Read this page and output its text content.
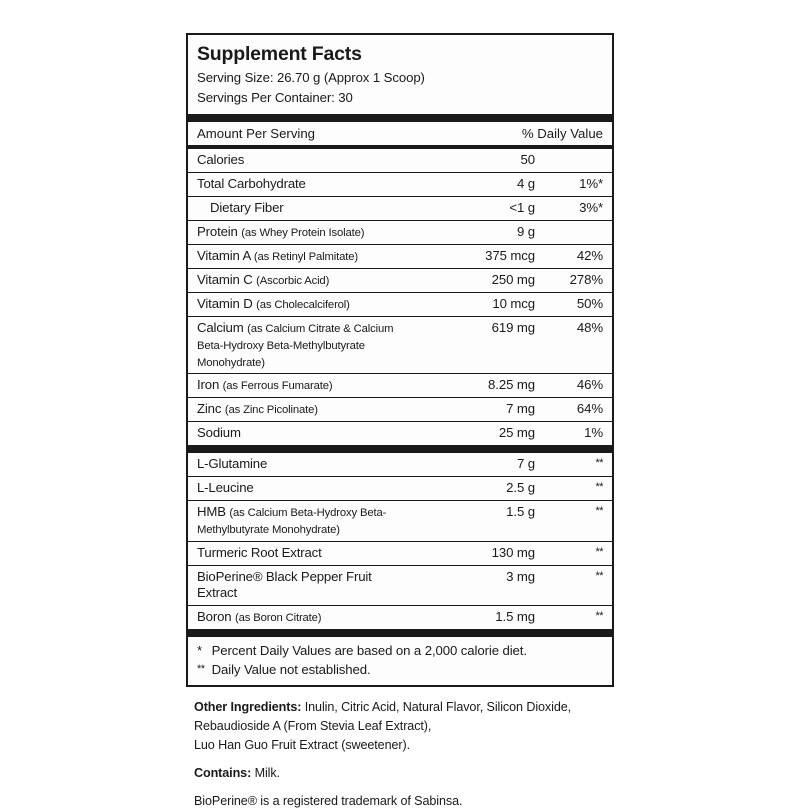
Supplement Facts
Serving Size: 26.70 g (Approx 1 Scoop)
Servings Per Container: 30
Amount Per Serving	% Daily Value
Calories	50
Total Carbohydrate	4 g	1%*
Dietary Fiber	<1 g	3%*
Protein (as Whey Protein Isolate)	9 g
Vitamin A (as Retinyl Palmitate)	375 mcg	42%
Vitamin C (Ascorbic Acid)	250 mg	278%
Vitamin D (as Cholecalciferol)	10 mcg	50%
Calcium (as Calcium Citrate & Calcium Beta-Hydroxy Beta-Methylbutyrate Monohydrate)
619 mg	48%
Iron (as Ferrous Fumarate)	8.25 mg	46%
Zinc (as Zinc Picolinate)	7 mg	64%
Sodium	25 mg	1%
L-Glutamine	7 g	**
L-Leucine	2.5 g	**
HMB (as Calcium Beta-Hydroxy Beta-Methylbutyrate Monohydrate)
1.5 g	**
Turmeric Root Extract	130 mg	**
BioPerine® Black Pepper Fruit Extract
3 mg	**
Boron (as Boron Citrate)	1.5 mg	**
* Percent Daily Values are based on a 2,000 calorie diet.
** Daily Value not established.

Other Ingredients: Inulin, Citric Acid, Natural Flavor, Silicon Dioxide,

Rebaudioside A (From Stevia Leaf Extract),

Luo Han Guo Fruit Extract (sweetener).

Contains: Milk.

BioPerine® is a registered trademark of Sabinsa.
